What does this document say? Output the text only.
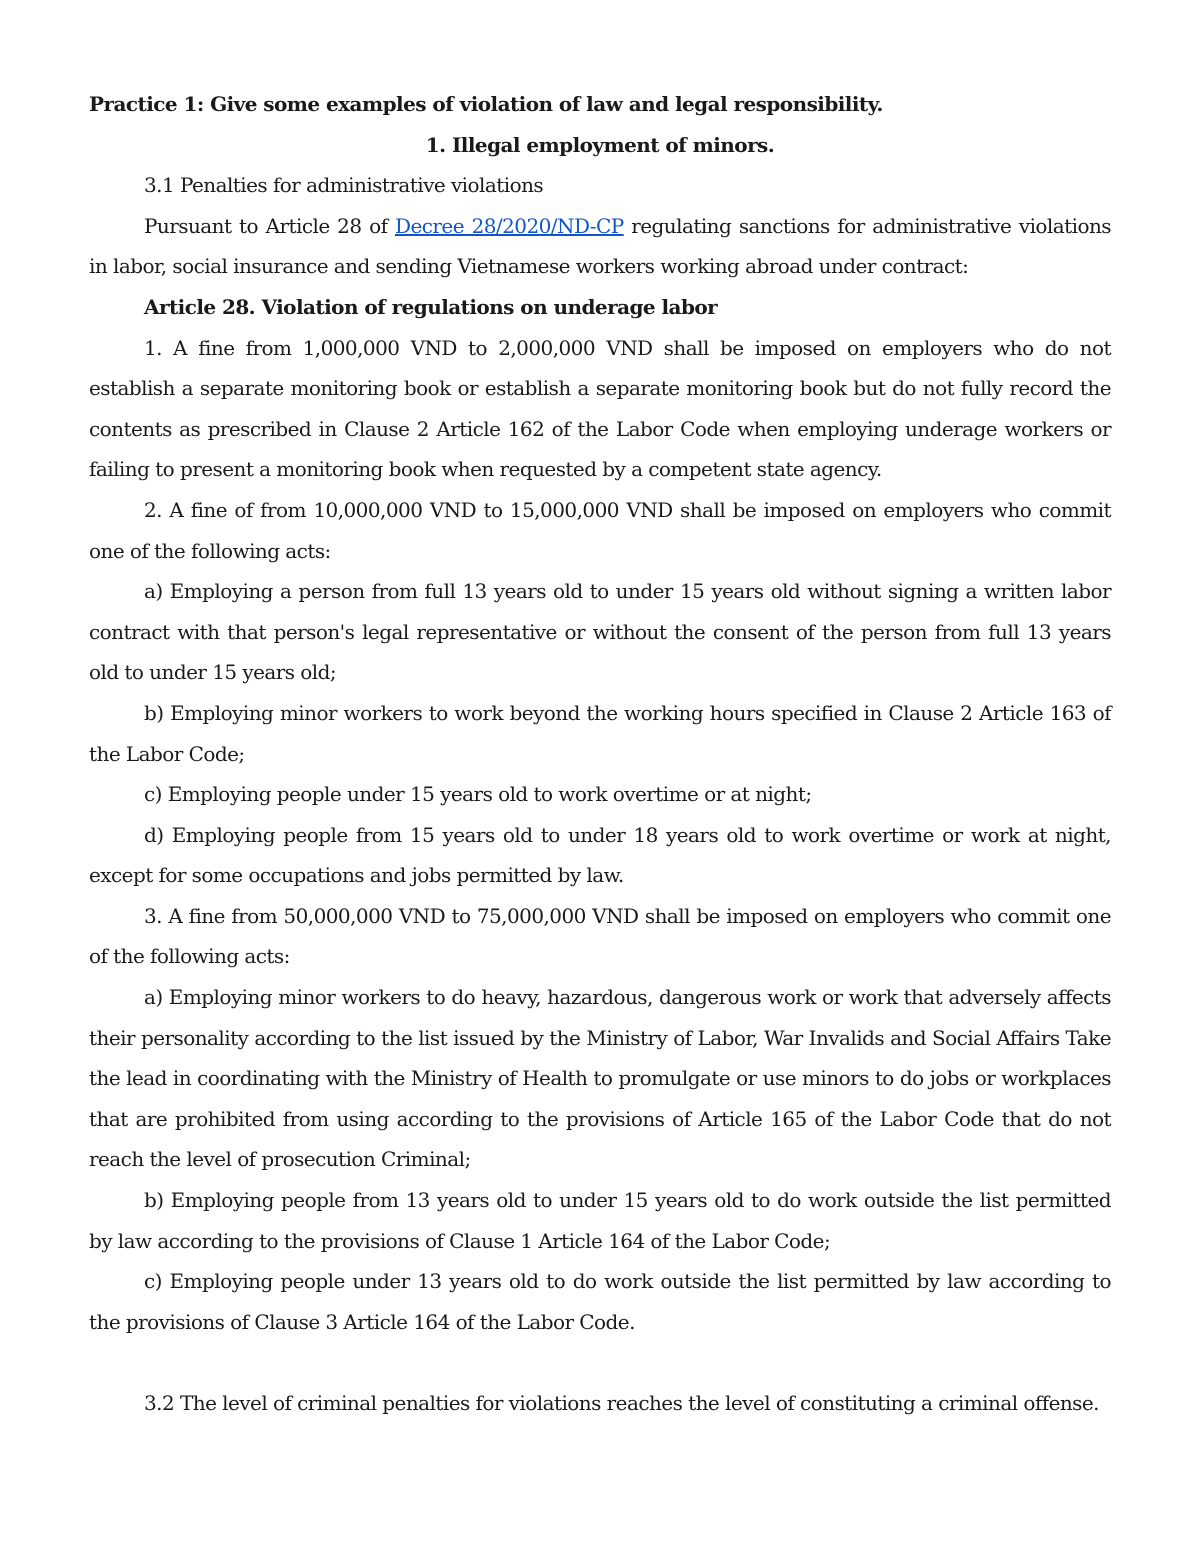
Practice 1: Give some examples of violation of law and legal responsibility.

1. Illegal employment of minors.

3.1 Penalties for administrative violations

Pursuant to Article 28 of Decree 28/2020/ND-CP regulating sanctions for administrative violations in labor, social insurance and sending Vietnamese workers working abroad under contract:

Article 28. Violation of regulations on underage labor

1. A fine from 1,000,000 VND to 2,000,000 VND shall be imposed on employers who do not establish a separate monitoring book or establish a separate monitoring book but do not fully record the contents as prescribed in Clause 2 Article 162 of the Labor Code when employing underage workers or failing to present a monitoring book when requested by a competent state agency.

2. A fine of from 10,000,000 VND to 15,000,000 VND shall be imposed on employers who commit one of the following acts:

a) Employing a person from full 13 years old to under 15 years old without signing a written labor contract with that person's legal representative or without the consent of the person from full 13 years old to under 15 years old;

b) Employing minor workers to work beyond the working hours specified in Clause 2 Article 163 of the Labor Code;

c) Employing people under 15 years old to work overtime or at night;

d) Employing people from 15 years old to under 18 years old to work overtime or work at night, except for some occupations and jobs permitted by law.

3. A fine from 50,000,000 VND to 75,000,000 VND shall be imposed on employers who commit one of the following acts:

a) Employing minor workers to do heavy, hazardous, dangerous work or work that adversely affects their personality according to the list issued by the Ministry of Labor, War Invalids and Social Affairs Take the lead in coordinating with the Ministry of Health to promulgate or use minors to do jobs or workplaces that are prohibited from using according to the provisions of Article 165 of the Labor Code that do not reach the level of prosecution Criminal;

b) Employing people from 13 years old to under 15 years old to do work outside the list permitted by law according to the provisions of Clause 1 Article 164 of the Labor Code;

c) Employing people under 13 years old to do work outside the list permitted by law according to the provisions of Clause 3 Article 164 of the Labor Code.

3.2 The level of criminal penalties for violations reaches the level of constituting a criminal offense.
